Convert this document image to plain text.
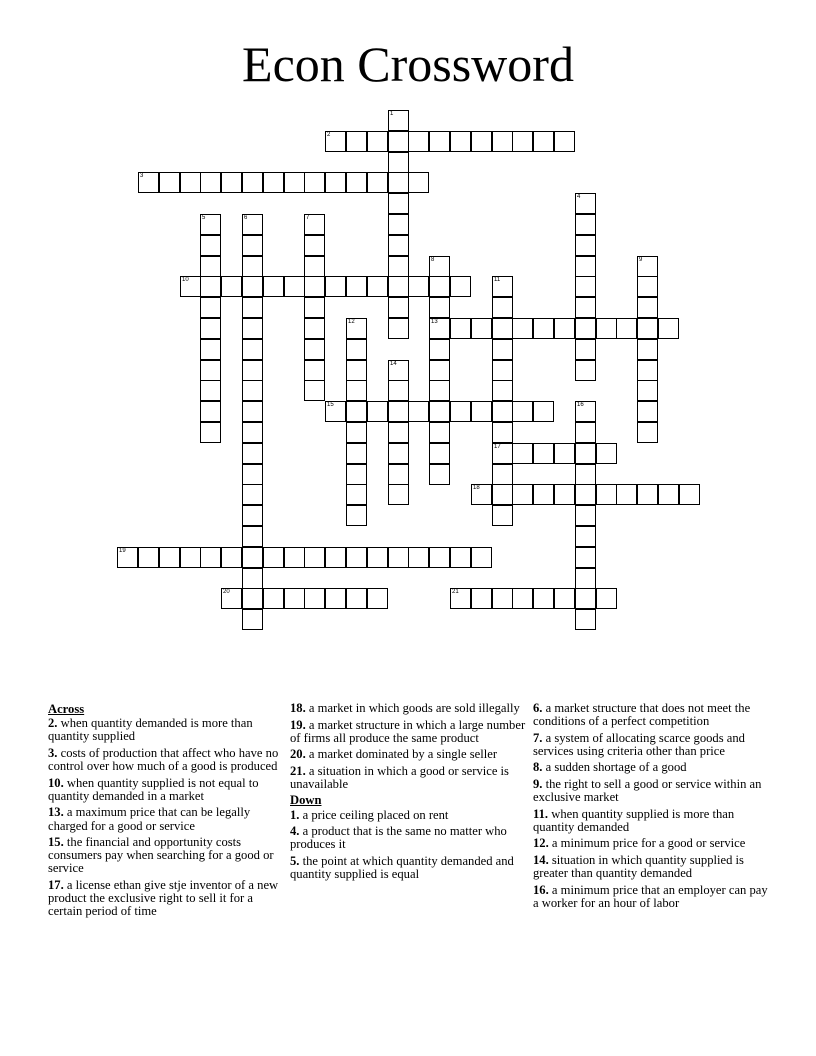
Econ Crossword
1
2
3
4
5	6	7
8
13
9
10	11
17
12
14
15	16
18
19
20	21
Across
2. when quantity demanded is more than quantity supplied
3. costs of production that affect who have no control over how much of a good is produced
10. when quantity supplied is not equal to quantity demanded in a market
13. a maximum price that can be legally charged for a good or service
15. the financial and opportunity costs consumers pay when searching for a good or service
17. a license ethan give stje inventor of a new product the exclusive right to sell it for a certain period of time
18. a market in which goods are sold illegally
19. a market structure in which a large number of firms all produce the same product
20. a market dominated by a single seller
21. a situation in which a good or service is unavailable
Down
1. a price ceiling placed on rent
4. a product that is the same no matter who produces it
5. the point at which quantity demanded and quantity supplied is equal
6. a market structure that does not meet the conditions of a perfect competition
7. a system of allocating scarce goods and services using criteria other than price
8. a sudden shortage of a good
9. the right to sell a good or service within an exclusive market
11. when quantity supplied is more than quantity demanded
12. a minimum price for a good or service
14. situation in which quantity supplied is greater than quantity demanded
16. a minimum price that an employer can pay a worker for an hour of labor
